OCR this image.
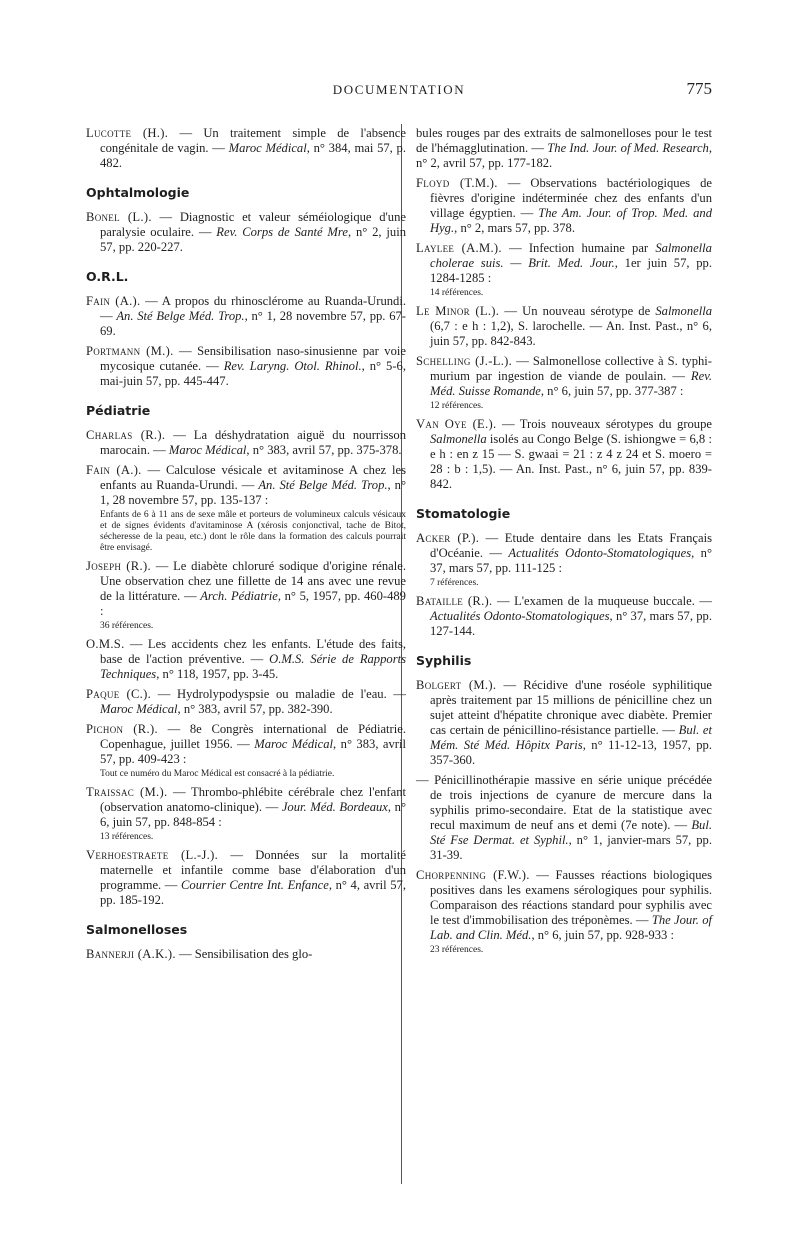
DOCUMENTATION	775

Lucotte (H.). — Un traitement simple de l'absence congénitale de vagin. — Maroc Médical, n° 384, mai 57, p. 482.

Ophtalmologie

Bonel (L.). — Diagnostic et valeur séméiologique d'une paralysie oculaire. — Rev. Corps de Santé Mre, n° 2, juin 57, pp. 220-227.

O.R.L.

Fain (A.). — A propos du rhinosclérome au Ruanda-Urundi. — An. Sté Belge Méd. Trop., n° 1, 28 novembre 57, pp. 67-69.

Portmann (M.). — Sensibilisation naso-sinusienne par voie mycosique cutanée. — Rev. Laryng. Otol. Rhinol., n° 5-6, mai-juin 57, pp. 445-447.

Pédiatrie

Charlas (R.). — La déshydratation aiguë du nourrisson marocain. — Maroc Médical, n° 383, avril 57, pp. 375-378.

Fain (A.). — Calculose vésicale et avitaminose A chez les enfants au Ruanda-Urundi. — An. Sté Belge Méd. Trop., n° 1, 28 novembre 57, pp. 135-137 :

Enfants de 6 à 11 ans de sexe mâle et porteurs de volumineux calculs vésicaux et de signes évidents d'avitaminose A (xérosis conjonctival, tache de Bitot, sécheresse de la peau, etc.) dont le rôle dans la formation des calculs pourrait être envisagé.

Joseph (R.). — Le diabète chloruré sodique d'origine rénale. Une observation chez une fillette de 14 ans avec une revue de la littérature. — Arch. Pédiatrie, n° 5, 1957, pp. 460-489 :

36 références.

O.M.S. — Les accidents chez les enfants. L'étude des faits, base de l'action préventive. — O.M.S. Série de Rapports Techniques, n° 118, 1957, pp. 3-45.

Paque (C.). — Hydrolypodyspsie ou maladie de l'eau. — Maroc Médical, n° 383, avril 57, pp. 382-390.

Pichon (R.). — 8e Congrès international de Pédiatrie. Copenhague, juillet 1956. — Maroc Médical, n° 383, avril 57, pp. 409-423 :

Tout ce numéro du Maroc Médical est consacré à la pédiatrie.

Traissac (M.). — Thrombo-phlébite cérébrale chez l'enfant (observation anatomo-clinique). — Jour. Méd. Bordeaux, n° 6, juin 57, pp. 848-854 :

13 références.

Verhoestraete (L.-J.). — Données sur la mortalité maternelle et infantile comme base d'élaboration d'un programme. — Courrier Centre Int. Enfance, n° 4, avril 57, pp. 185-192.

Salmonelloses

Bannerji (A.K.). — Sensibilisation des glo-

bules rouges par des extraits de salmonelloses pour le test de l'hémagglutination. — The Ind. Jour. of Med. Research, n° 2, avril 57, pp. 177-182.

Floyd (T.M.). — Observations bactériologiques de fièvres d'origine indéterminée chez des enfants d'un village égyptien. — The Am. Jour. of Trop. Med. and Hyg., n° 2, mars 57, pp. 378.

Laylee (A.M.). — Infection humaine par Salmonella cholerae suis. — Brit. Med. Jour., 1er juin 57, pp. 1284-1285 :

14 références.

Le Minor (L.). — Un nouveau sérotype de Salmonella (6,7 : e h : 1,2), S. larochelle. — An. Inst. Past., n° 6, juin 57, pp. 842-843.

Schelling (J.-L.). — Salmonellose collective à S. typhi-murium par ingestion de viande de poulain. — Rev. Méd. Suisse Romande, n° 6, juin 57, pp. 377-387 :

12 références.

Van Oye (E.). — Trois nouveaux sérotypes du groupe Salmonella isolés au Congo Belge (S. ishiongwe = 6,8 : e h : en z 15 — S. gwaai = 21 : z 4 z 24 et S. moero = 28 : b : 1,5). — An. Inst. Past., n° 6, juin 57, pp. 839-842.

Stomatologie

Acker (P.). — Etude dentaire dans les Etats Français d'Océanie. — Actualités Odonto-Stomatologiques, n° 37, mars 57, pp. 111-125 :

7 références.

Bataille (R.). — L'examen de la muqueuse buccale. — Actualités Odonto-Stomatologiques, n° 37, mars 57, pp. 127-144.

Syphilis

Bolgert (M.). — Récidive d'une roséole syphilitique après traitement par 15 millions de pénicilline chez un sujet atteint d'hépatite chronique avec diabète. Premier cas certain de pénicillino-résistance partielle. — Bul. et Mém. Sté Méd. Hôpitx Paris, n° 11-12-13, 1957, pp. 357-360.

— Pénicillinothérapie massive en série unique précédée de trois injections de cyanure de mercure dans la syphilis primo-secondaire. Etat de la statistique avec recul maximum de neuf ans et demi (7e note). — Bul. Sté Fse Dermat. et Syphil., n° 1, janvier-mars 57, pp. 31-39.

Chorpenning (F.W.). — Fausses réactions biologiques positives dans les examens sérologiques pour syphilis. Comparaison des réactions standard pour syphilis avec le test d'immobilisation des tréponèmes. — The Jour. of Lab. and Clin. Méd., n° 6, juin 57, pp. 928-933 :

23 références.
